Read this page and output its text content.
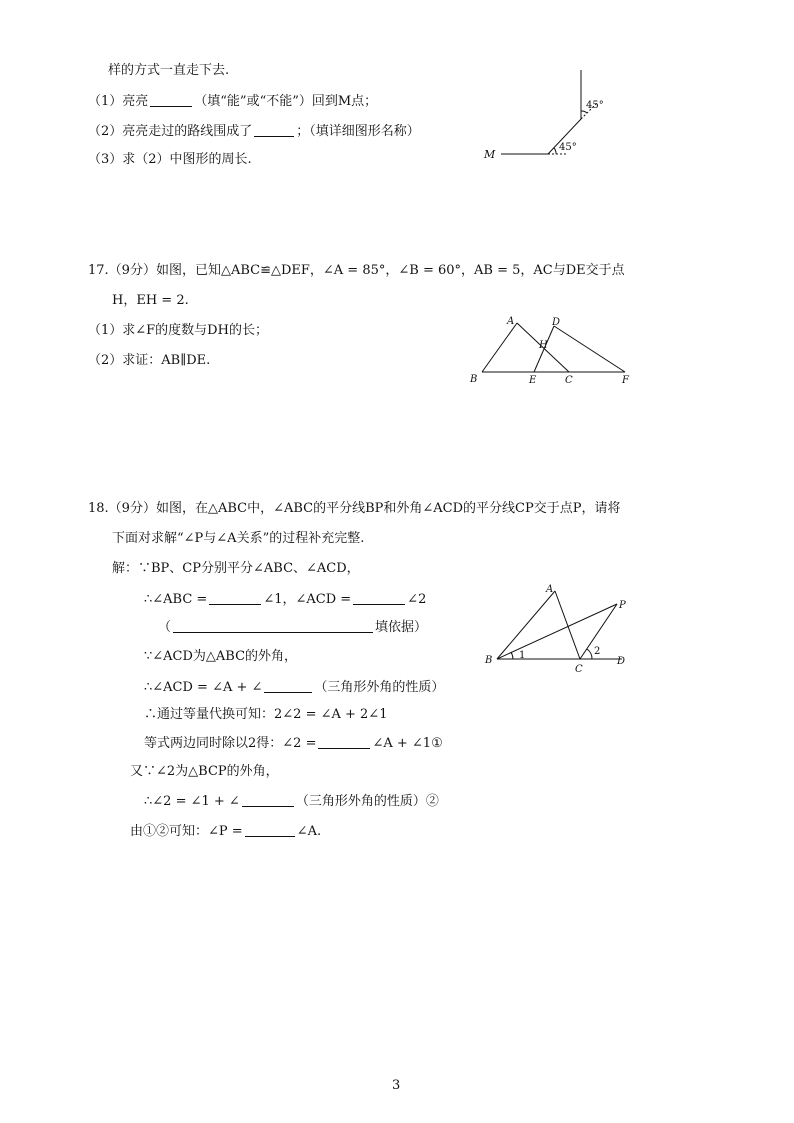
样的方式一直走下去.
（1）亮亮	（填“能”或“不能”）回到M点；
（2）亮亮走过的路线围成了	；（填详细图形名称）
（3）求（2）中图形的周长.	M
45°
45°
17.（9分）如图，已知△ABC≌△DEF，∠A = 85°，∠B = 60°，AB = 5，AC与DE交于点
H，EH = 2.
（1）求∠F的度数与DH的长；
（2）求证：AB∥DE.
A	D
H
B	E	C	F
18.（9分）如图，在△ABC中，∠ABC的平分线BP和外角∠ACD的平分线CP交于点P，请将
下面对求解“∠P与∠A关系”的过程补充完整.
解：∵BP、CP分别平分∠ABC、∠ACD，
∴∠ABC =	∠1，∠ACD =	∠2
（	填依据）
∵∠ACD为△ABC的外角，
∴∠ACD = ∠A + ∠	（三角形外角的性质）
∴通过等量代换可知：2∠2 = ∠A + 2∠1
等式两边同时除以2得：∠2 =	∠A + ∠1①
又∵∠2为△BCP的外角，
∴∠2 = ∠1 + ∠	（三角形外角的性质）②
由①②可知：∠P =	∠A.
A
P
B
C
D
1	2
3
